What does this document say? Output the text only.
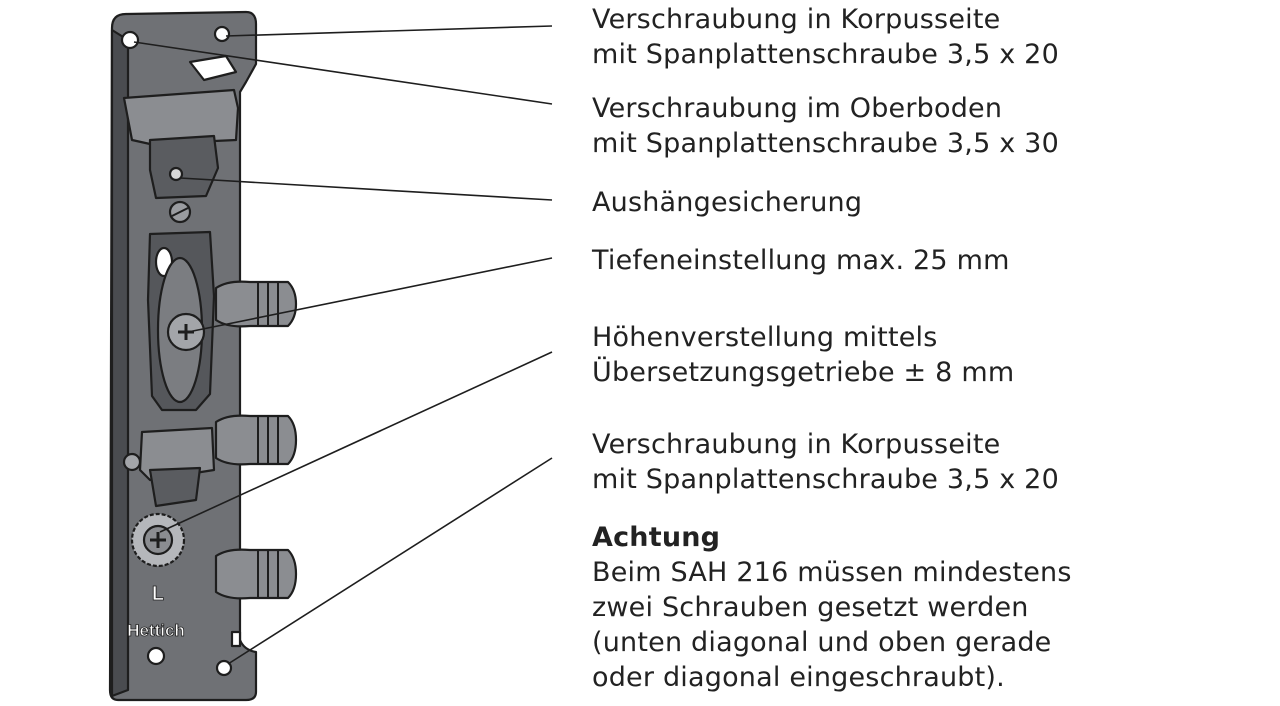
L
Hettich
Verschraubung in Korpusseite
mit Spanplattenschraube 3,5 x 20
Verschraubung im Oberboden
mit Spanplattenschraube 3,5 x 30
Aushängesicherung
Tiefeneinstellung max. 25 mm
Höhenverstellung mittels
Übersetzungsgetriebe ± 8 mm
Verschraubung in Korpusseite
mit Spanplattenschraube 3,5 x 20
Achtung
Beim SAH 216 müssen mindestens
zwei Schrauben gesetzt werden
(unten diagonal und oben gerade
oder diagonal eingeschraubt).
